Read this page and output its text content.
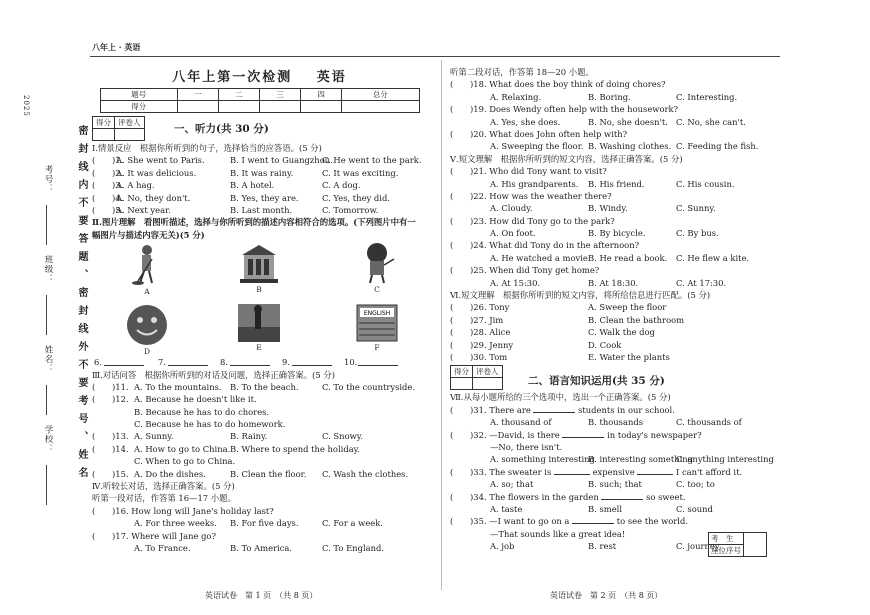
八年上 · 英语
2025
密封线内不要答题、密封线外不要考号、姓名
考号：
班级：
姓名：
学校：
八年上第一次检测 英语
题号	一	二	三	四	总分
得分					
得分	评卷人

一、听力(共 30 分)
Ⅰ.情景反应　根据你所听到的句子，选择恰当的应答语。(5 分)
(　　)1.
A. She went to Paris.	B. I went to Guangzhou.
C. He went to the park.
(　　)2.
A. It was delicious.	B. It was rainy.	C. It was exciting.
(　　)3.
A. A hag.	B. A hotel.	C. A dog.
(　　)4.
A. No, they don't.	B. Yes, they are.	C. Yes, they did.
(　　)5.
A. Next year.	B. Last month.	C. Tomorrow.
Ⅱ.图片理解　看图听描述，选择与你所听到的描述内容相符合的选项。(下列图片中有一
幅图片与描述内容无关)(5 分)
A	B	C
D	E
ENGLISH
F
6.	7.	8.	9.	10.
Ⅲ.对话问答　根据你所听到的对话及问题，选择正确答案。(5 分)
(　　)11. A. To the mountains. B. To the beach.	C. To the countryside.
(　　)12. A. Because he doesn't like it.
B. Because he has to do chores.
C. Because he has to do homework.
(　　)13. A. Sunny.	B. Rainy.	C. Snowy.
(　　)14. A. How to go to China. B. Where to spend the holiday.
C. When to go to China.
(　　)15. A. Do the dishes.	B. Clean the floor. C. Wash the clothes.
Ⅳ.听较长对话，选择正确答案。(5 分)
听第一段对话，作答第 16—17 小题。
(　　)16. How long will Jane's holiday last?
A. For three weeks. B. For five days.	C. For a week.
(　　)17. Where will Jane go?
A. To France.	B. To America.	C. To England.
听第二段对话，作答第 18—20 小题。
(　　)18. What does the boy think of doing chores?
A. Relaxing.	B. Boring.	C. Interesting.
(　　)19. Does Wendy often help with the housework?
A. Yes, she does.	B. No, she doesn't. C. No, she can't.
(　　)20. What does John often help with?
A. Sweeping the floor. B. Washing clothes. C. Feeding the fish.
Ⅴ.短文理解　根据你所听到的短文内容，选择正确答案。(5 分)
(　　)21. Who did Tony want to visit?
A. His grandparents. B. His friend.	C. His cousin.
(　　)22. How was the weather there?
A. Cloudy.	B. Windy.	C. Sunny.
(　　)23. How did Tony go to the park?
A. On foot.	B. By bicycle.	C. By bus.
(　　)24. What did Tony do in the afternoon?
A. He watched a movie.
B. He read a book. C. He flew a kite.
(　　)25. When did Tony get home?
A. At 15:30.	B. At 18:30.	C. At 17:30.
Ⅵ.短文理解　根据你所听到的短文内容，将所给信息进行匹配。(5 分)
(　　)26. Tony	A. Sweep the floor
(　　)27. Jim	B. Clean the bathroom
(　　)28. Alice	C. Walk the dog
(　　)29. Jenny	D. Cook
(　　)30. Tom	E. Water the plants
得分	评卷人

二、语言知识运用(共 35 分)
Ⅶ.从每小题所给的三个选项中，选出一个正确答案。(5 分)
(　　)31. There are	students in our school.
A. thousand of	B. thousands	C. thousands of
(　　)32. —David, is there	in today's newspaper?
—No, there isn't.
A. something interesting
B. interesting something
C. anything interesting
(　　)33. The sweater is	expensive	I can't afford it.
A. so; that	B. such; that	C. too; to
(　　)34. The flowers in the garden	so sweet.
A. taste	B. smell	C. sound
(　　)35. —I want to go on a	to see the world.
—That sounds like a great idea!
A. job	B. rest	C. journey
考　生	
座位序号
英语试卷　第 1 页　（共 8 页）	英语试卷　第 2 页　（共 8 页）
